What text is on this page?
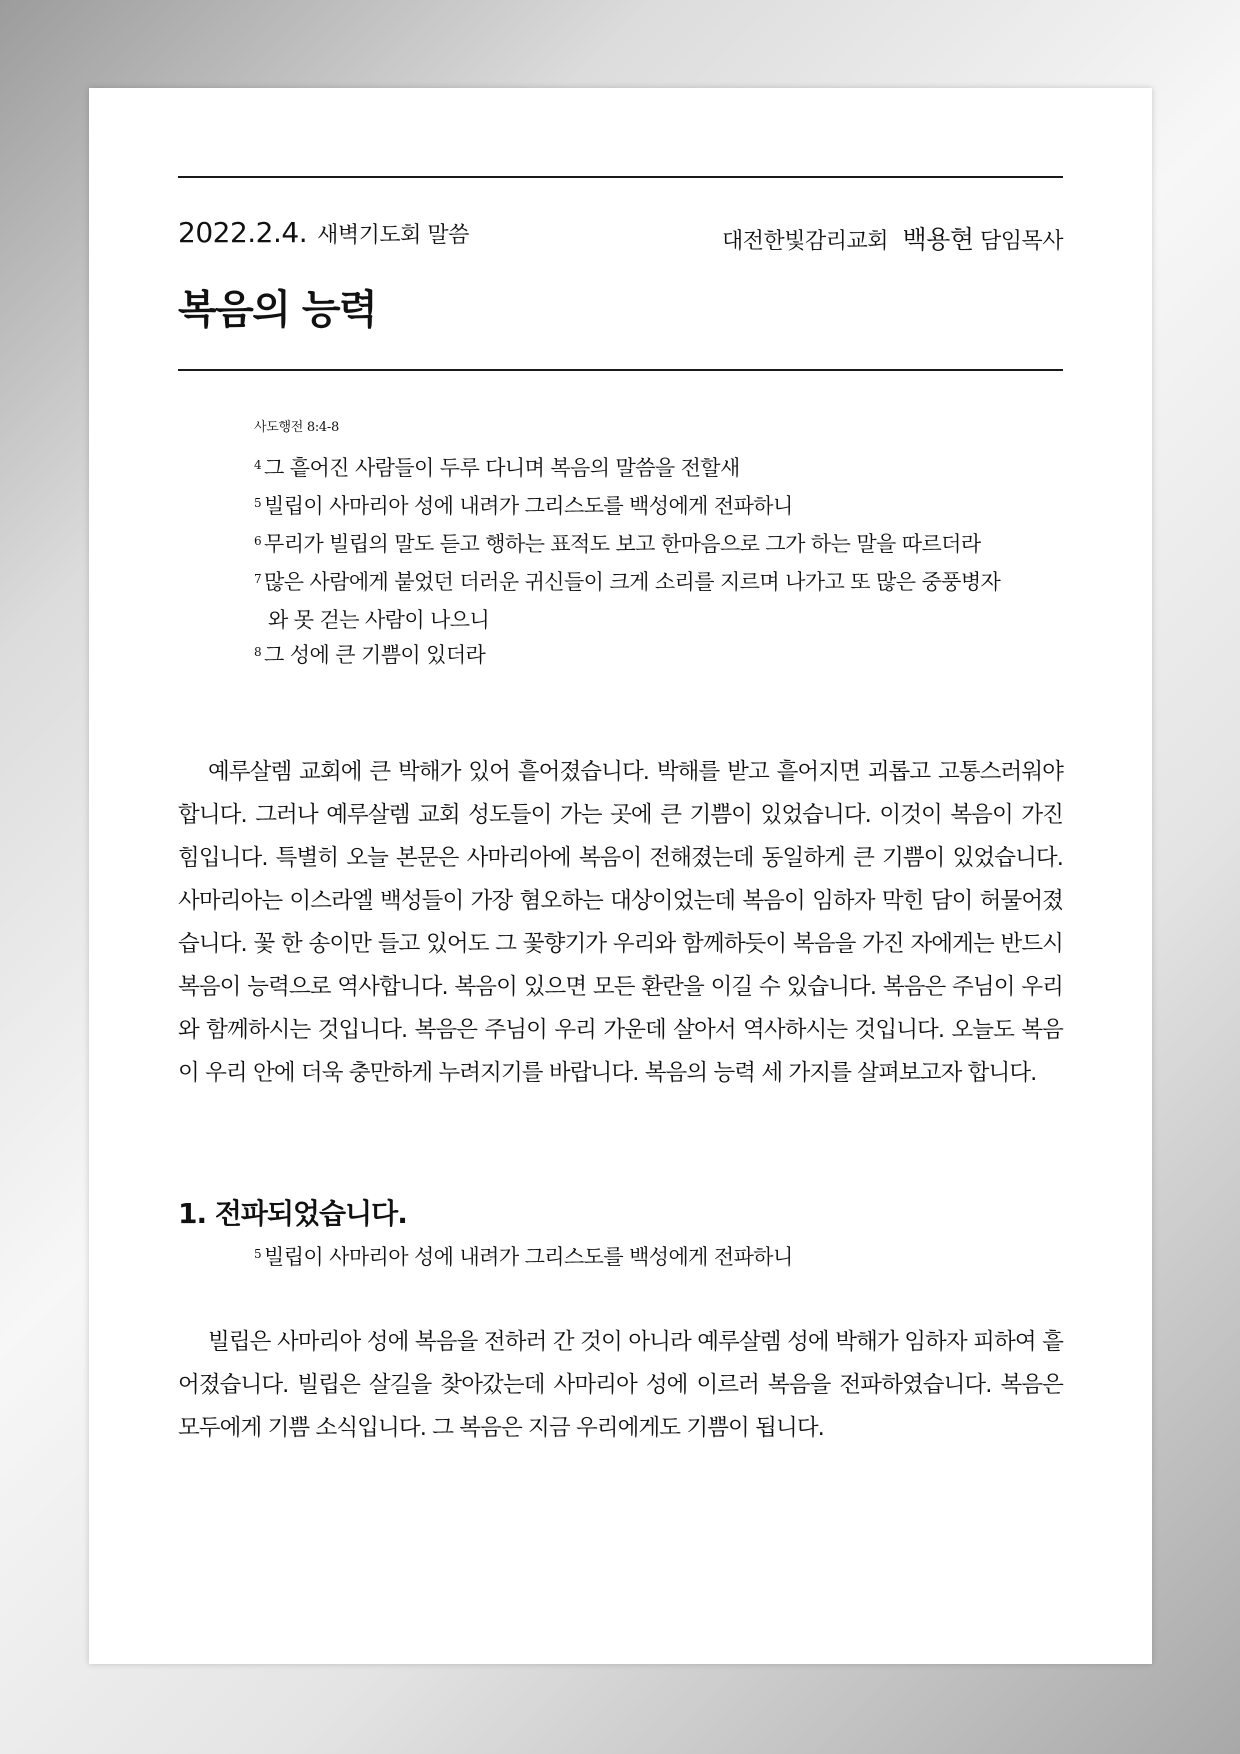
2022.2.4. 새벽기도회 말씀	대전한빛감리교회 백용현 담임목사
복음의 능력
사도행전 8:4-8
$^4$ 그 흩어진 사람들이 두루 다니며 복음의 말씀을 전할새
$^5$ 빌립이 사마리아 성에 내려가 그리스도를 백성에게 전파하니
$^6$ 무리가 빌립의 말도 듣고 행하는 표적도 보고 한마음으로 그가 하는 말을 따르더라
$^7$ 많은 사람에게 붙었던 더러운 귀신들이 크게 소리를 지르며 나가고 또 많은 중풍병자와 못 걷는 사람이 나으니
$^8$ 그 성에 큰 기쁨이 있더라

예루살렘 교회에 큰 박해가 있어 흩어졌습니다. 박해를 받고 흩어지면 괴롭고 고통스러워야 합니다. 그러나 예루살렘 교회 성도들이 가는 곳에 큰 기쁨이 있었습니다. 이것이 복음이 가진 힘입니다. 특별히 오늘 본문은 사마리아에 복음이 전해졌는데 동일하게 큰 기쁨이 있었습니다. 사마리아는 이스라엘 백성들이 가장 혐오하는 대상이었는데 복음이 임하자 막힌 담이 허물어졌습니다. 꽃 한 송이만 들고 있어도 그 꽃향기가 우리와 함께하듯이 복음을 가진 자에게는 반드시 복음이 능력으로 역사합니다. 복음이 있으면 모든 환란을 이길 수 있습니다. 복음은 주님이 우리와 함께하시는 것입니다. 복음은 주님이 우리 가운데 살아서 역사하시는 것입니다. 오늘도 복음이 우리 안에 더욱 충만하게 누려지기를 바랍니다. 복음의 능력 세 가지를 살펴보고자 합니다.

1. 전파되었습니다.
$^5$ 빌립이 사마리아 성에 내려가 그리스도를 백성에게 전파하니

빌립은 사마리아 성에 복음을 전하러 간 것이 아니라 예루살렘 성에 박해가 임하자 피하여 흩어졌습니다. 빌립은 살길을 찾아갔는데 사마리아 성에 이르러 복음을 전파하였습니다. 복음은 모두에게 기쁨 소식입니다. 그 복음은 지금 우리에게도 기쁨이 됩니다.
